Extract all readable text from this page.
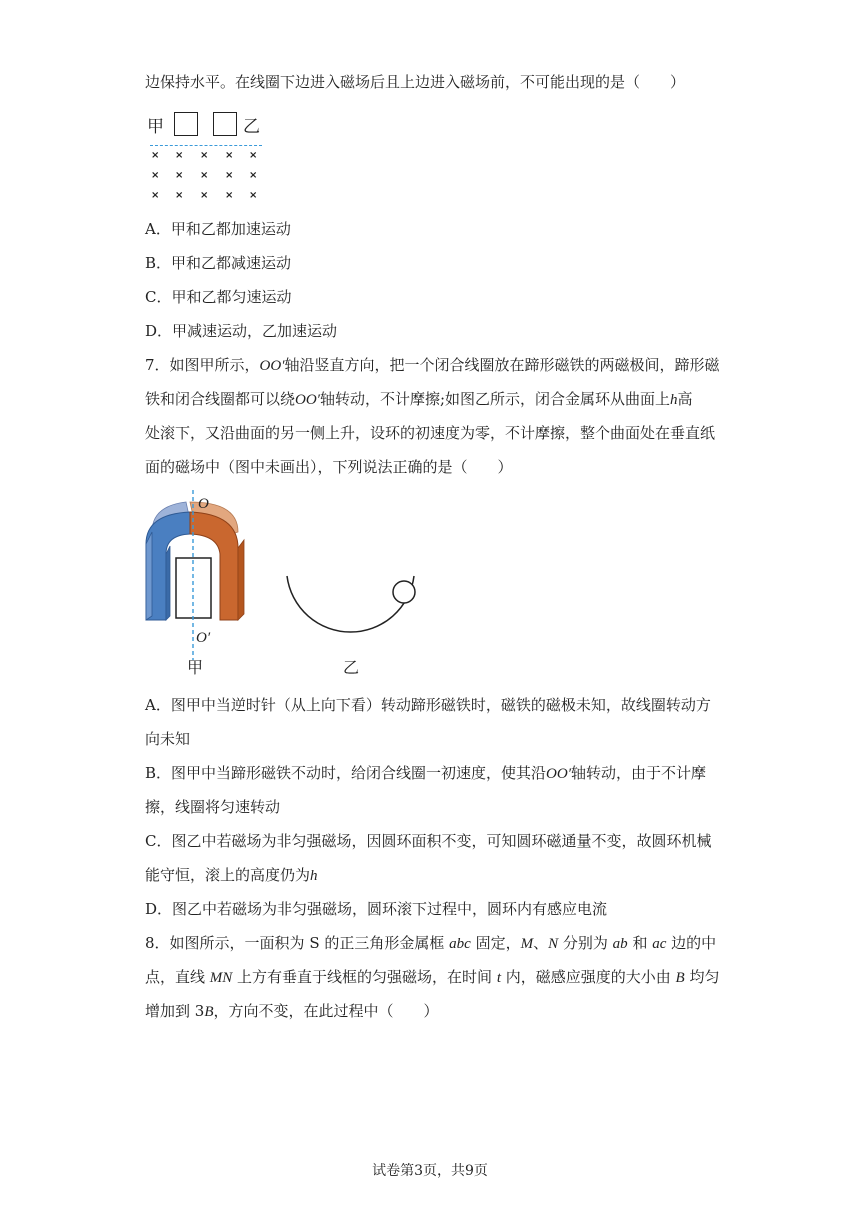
边保持水平。在线圈下边进入磁场后且上边进入磁场前，不可能出现的是（　　）
甲	乙
× × × × ×
× × × × ×
× × × × ×
A．甲和乙都加速运动
B．甲和乙都减速运动
C．甲和乙都匀速运动
D．甲减速运动，乙加速运动
7．如图甲所示，OO′轴沿竖直方向，把一个闭合线圈放在蹄形磁铁的两磁极间，蹄形磁
铁和闭合线圈都可以绕OO′轴转动，不计摩擦;如图乙所示，闭合金属环从曲面上h高
处滚下，又沿曲面的另一侧上升，设环的初速度为零，不计摩擦，整个曲面处在垂直纸
面的磁场中（图中未画出），下列说法正确的是（　　）
O
O′
甲	乙
A．图甲中当逆时针（从上向下看）转动蹄形磁铁时，磁铁的磁极未知，故线圈转动方
向未知
B．图甲中当蹄形磁铁不动时，给闭合线圈一初速度，使其沿OO′轴转动，由于不计摩
擦，线圈将匀速转动
C．图乙中若磁场为非匀强磁场，因圆环面积不变，可知圆环磁通量不变，故圆环机械
能守恒，滚上的高度仍为h
D．图乙中若磁场为非匀强磁场，圆环滚下过程中，圆环内有感应电流
8．如图所示，一面积为 S 的正三角形金属框 abc 固定，M、N 分别为 ab 和 ac 边的中
点，直线 MN 上方有垂直于线框的匀强磁场，在时间 t 内，磁感应强度的大小由 B 均匀
增加到 3B，方向不变，在此过程中（　　）
试卷第3页，共9页
